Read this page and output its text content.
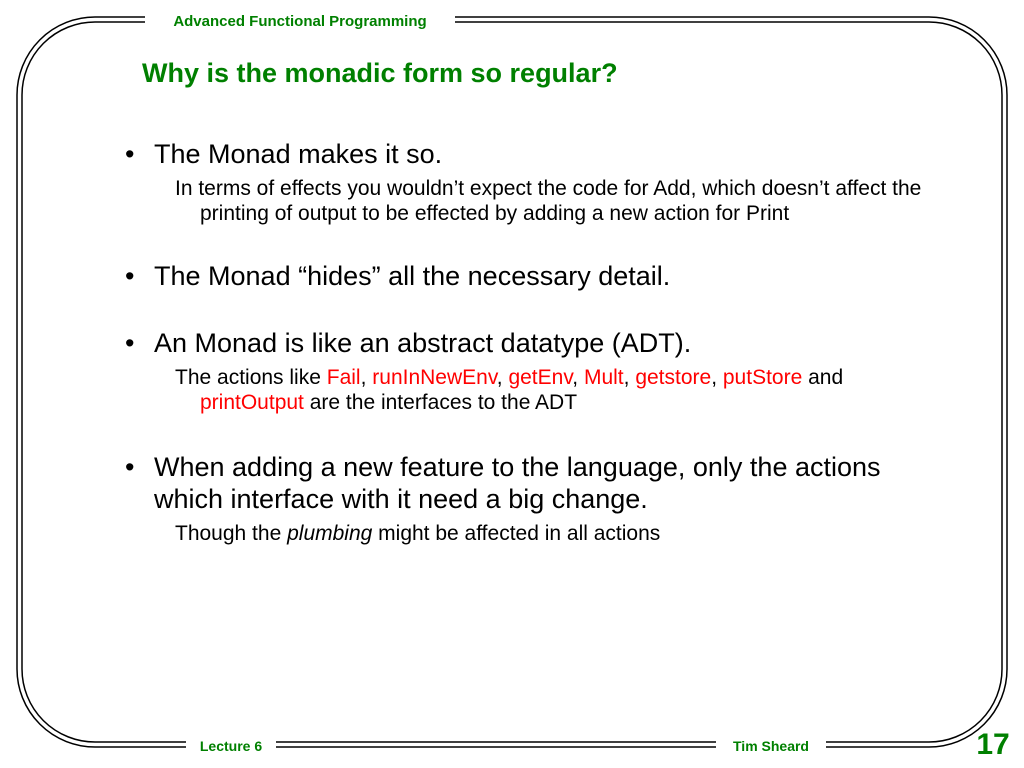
Advanced Functional Programming
Why is the monadic form so regular?
• The Monad makes it so.
In terms of effects you wouldn’t expect the code for Add, which doesn’t affect the printing of output to be effected by adding a new action for Print
• The Monad “hides” all the necessary detail.
• An Monad is like an abstract datatype (ADT).
The actions like Fail, runInNewEnv, getEnv, Mult, getstore, putStore and printOutput are the interfaces to the ADT
• When adding a new feature to the language, only the actions which interface with it need a big change.
Though the plumbing might be affected in all actions
Lecture 6	Tim Sheard	17
